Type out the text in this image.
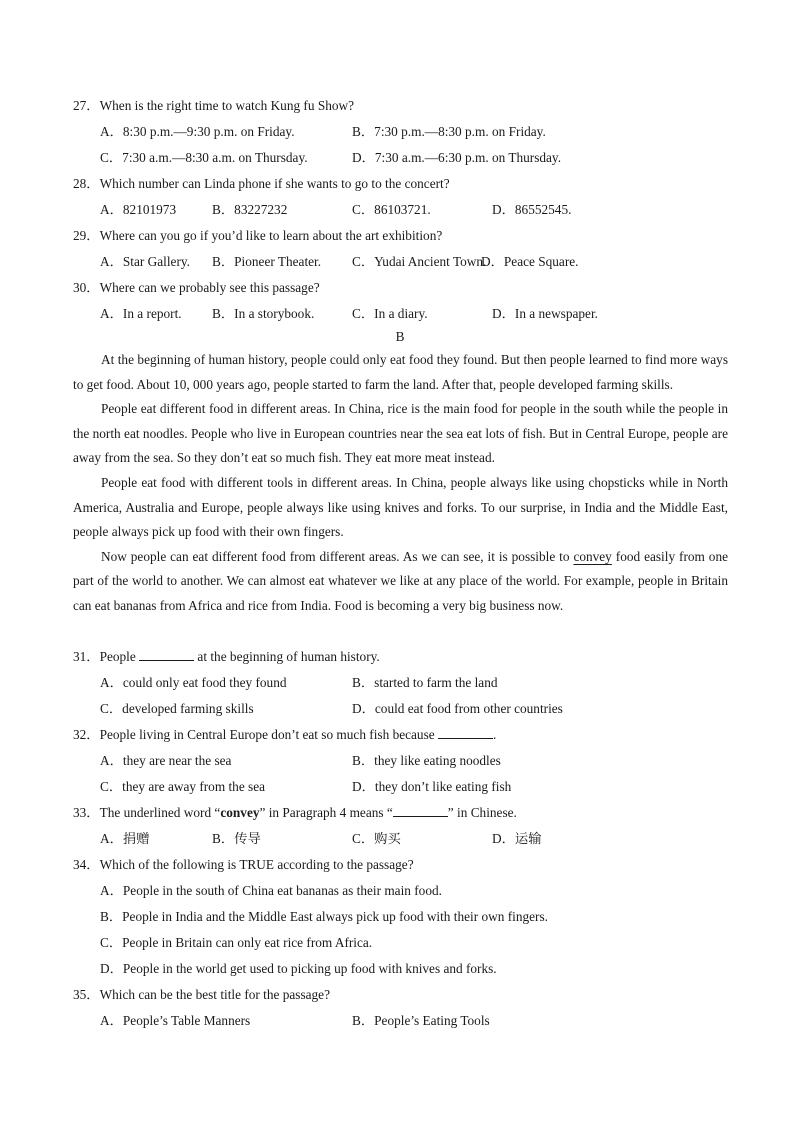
27．When is the right time to watch Kung fu Show?
A．8:30 p.m.—9:30 p.m. on Friday.	B．7:30 p.m.—8:30 p.m. on Friday.
C．7:30 a.m.—8:30 a.m. on Thursday.	D．7:30 a.m.—6:30 p.m. on Thursday.
28．Which number can Linda phone if she wants to go to the concert?
A．82101973	B．83227232	C．86103721.	D．86552545.
29．Where can you go if you’d like to learn about the art exhibition?
A．Star Gallery. B．Pioneer Theater. C．Yudai Ancient Town.
D．Peace Square.
30．Where can we probably see this passage?
A．In a report. B．In a storybook.	C．In a diary.	D．In a newspaper.
B

At the beginning of human history, people could only eat food they found. But then people learned to find more ways to get food. About 10, 000 years ago, people started to farm the land. After that, people developed farming skills.

People eat different food in different areas. In China, rice is the main food for people in the south while the people in the north eat noodles. People who live in European countries near the sea eat lots of fish. But in Central Europe, people are away from the sea. So they don’t eat so much fish. They eat more meat instead.

People eat food with different tools in different areas. In China, people always like using chopsticks while in North America, Australia and Europe, people always like using knives and forks. To our surprise, in India and the Middle East, people always pick up food with their own fingers.

Now people can eat different food from different areas. As we can see, it is possible to convey food easily from one part of the world to another. We can almost eat whatever we like at any place of the world. For example, people in Britain can eat bananas from Africa and rice from India. Food is becoming a very big business now.

31．People	at the beginning of human history.
A．could only eat food they found	B．started to farm the land
C．developed farming skills	D．could eat food from other countries
32．People living in Central Europe don’t eat so much fish because	.
A．they are near the sea	B．they like eating noodles
C．they are away from the sea	D．they don’t like eating fish
33．The underlined word “convey” in Paragraph 4 means “	” in Chinese.
A．捐赠	B．传导	C．购买	D．运输
34．Which of the following is TRUE according to the passage?
A．People in the south of China eat bananas as their main food.
B．People in India and the Middle East always pick up food with their own fingers.
C．People in Britain can only eat rice from Africa.
D．People in the world get used to picking up food with knives and forks.
35．Which can be the best title for the passage?
A．People’s Table Manners	B．People’s Eating Tools
